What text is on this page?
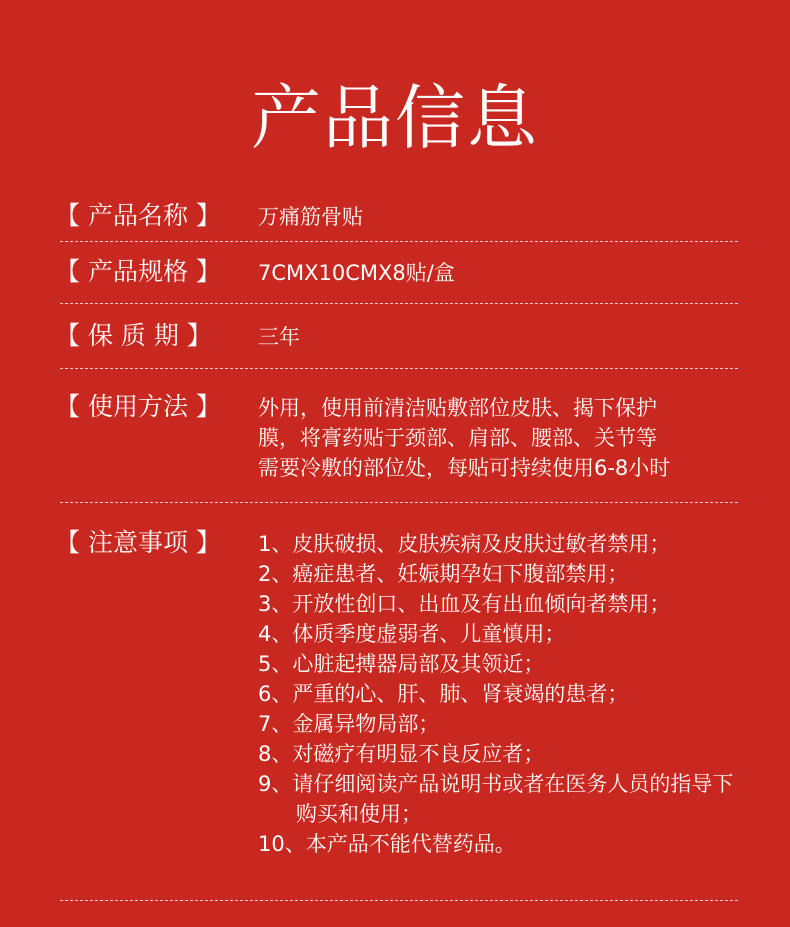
产品信息
【 产品名称 】 万痛筋骨贴
【 产品规格 】 7CMX10CMX8贴/盒
【 保 质 期 】	三年
【 使用方法 】 外用，使用前清洁贴敷部位皮肤、揭下保护
膜，将膏药贴于颈部、肩部、腰部、关节等
需要冷敷的部位处，每贴可持续使用6-8小时
【 注意事项 】 1、皮肤破损、皮肤疾病及皮肤过敏者禁用；
2、癌症患者、妊娠期孕妇下腹部禁用；
3、开放性创口、出血及有出血倾向者禁用；
4、体质季度虚弱者、儿童慎用；
5、心脏起搏器局部及其领近；
6、严重的心、肝、肺、肾衰竭的患者；
7、金属异物局部；
8、对磁疗有明显不良反应者；
9、请仔细阅读产品说明书或者在医务人员的指导下购买和使用；
10、本产品不能代替药品。
